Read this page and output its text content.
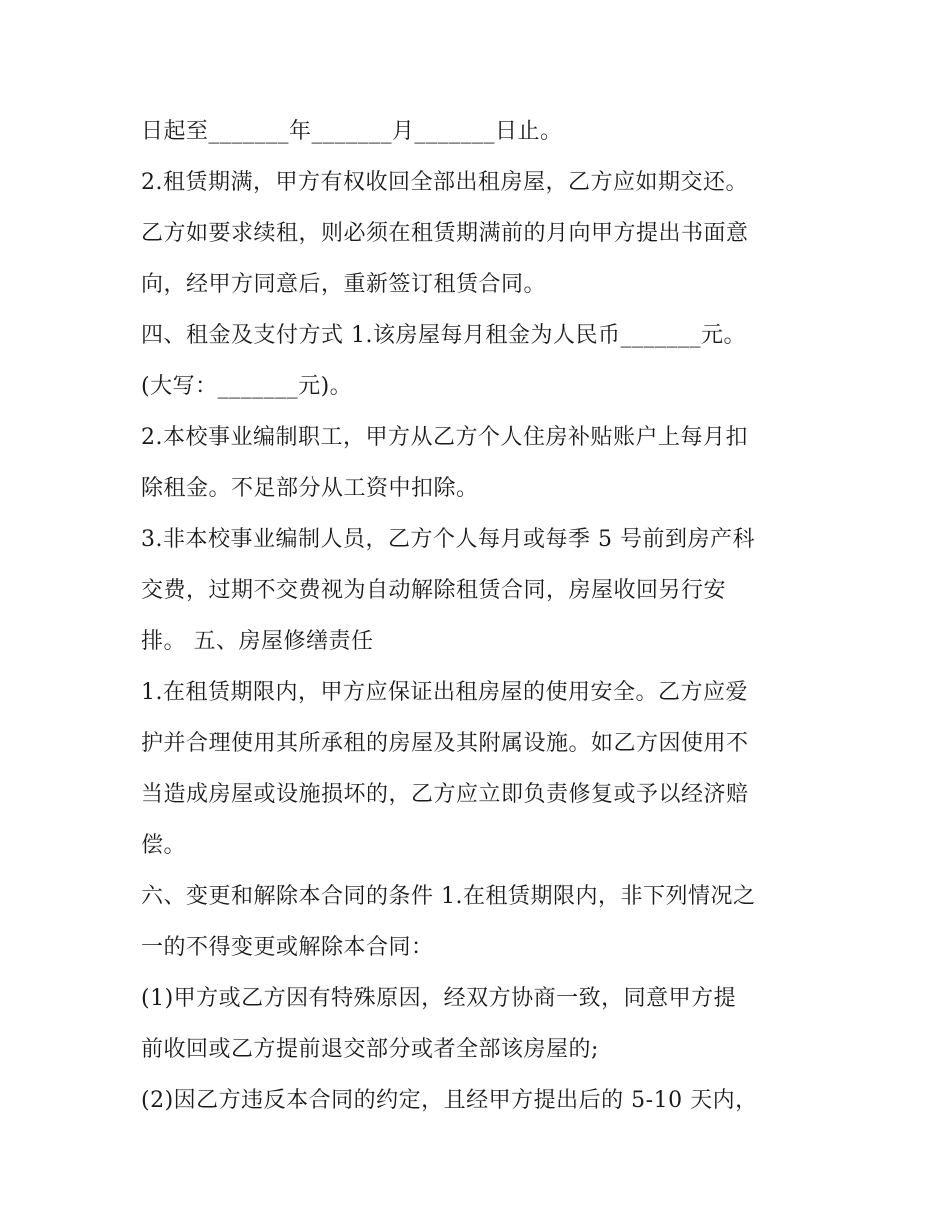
日起至_______年_______月_______日止。
2.租赁期满，甲方有权收回全部出租房屋，乙方应如期交还。
乙方如要求续租，则必须在租赁期满前的月向甲方提出书面意
向，经甲方同意后，重新签订租赁合同。
四、租金及支付方式 1.该房屋每月租金为人民币_______元。
(大写：_______元)。
2.本校事业编制职工，甲方从乙方个人住房补贴账户上每月扣
除租金。不足部分从工资中扣除。
3.非本校事业编制人员，乙方个人每月或每季 5 号前到房产科
交费，过期不交费视为自动解除租赁合同，房屋收回另行安
排。 五、房屋修缮责任
1.在租赁期限内，甲方应保证出租房屋的使用安全。乙方应爱
护并合理使用其所承租的房屋及其附属设施。如乙方因使用不
当造成房屋或设施损坏的，乙方应立即负责修复或予以经济赔
偿。
六、变更和解除本合同的条件 1.在租赁期限内，非下列情况之
一的不得变更或解除本合同：
(1)甲方或乙方因有特殊原因，经双方协商一致，同意甲方提
前收回或乙方提前退交部分或者全部该房屋的;
(2)因乙方违反本合同的约定，且经甲方提出后的 5-10 天内，
